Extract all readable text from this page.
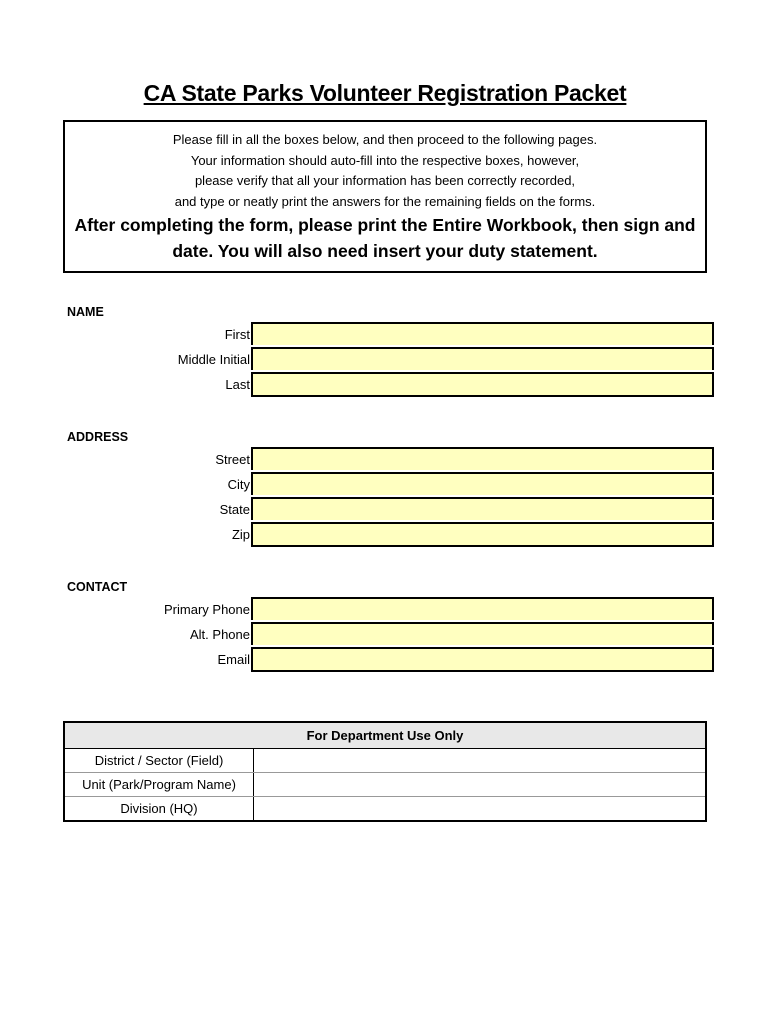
CA State Parks Volunteer Registration Packet
Please fill in all the boxes below, and then proceed to the following pages.
Your information should auto-fill into the respective boxes, however,
please verify that all your information has been correctly recorded,
and type or neatly print the answers for the remaining fields on the forms.
After completing the form, please print the Entire Workbook, then sign and
date. You will also need insert your duty statement.
NAME
First
Middle Initial
Last
ADDRESS
Street
City
State
Zip
CONTACT
Primary Phone
Alt. Phone
Email
For Department Use Only	
District / Sector (Field)	
Unit (Park/Program Name)	
Division (HQ)	
